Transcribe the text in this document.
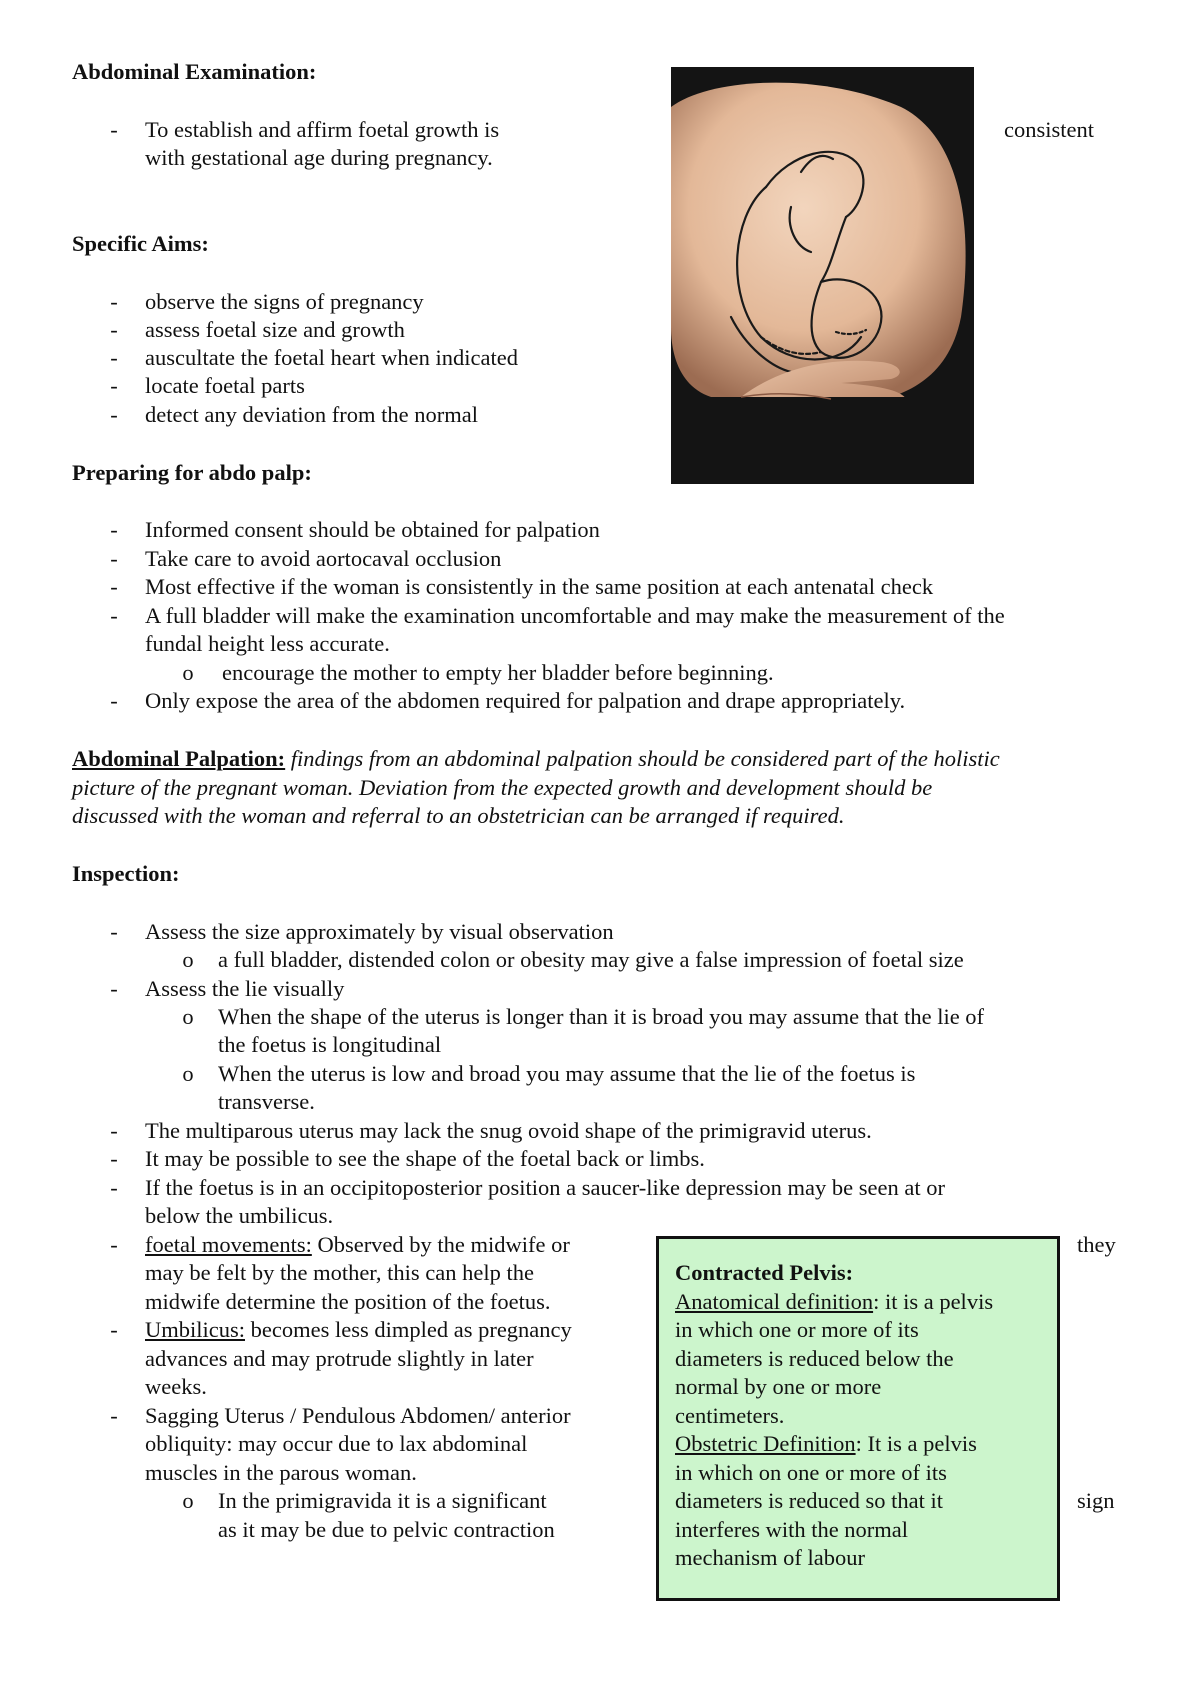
Abdominal Examination:

- To establish and affirm foetal growth is	consistent

with gestational age during pregnancy.

Specific Aims:

- observe the signs of pregnancy

- assess foetal size and growth

- auscultate the foetal heart when indicated

- locate foetal parts

- detect any deviation from the normal

Preparing for abdo palp:

- Informed consent should be obtained for palpation

- Take care to avoid aortocaval occlusion

- Most effective if the woman is consistently in the same position at each antenatal check

- A full bladder will make the examination uncomfortable and may make the measurement of the

fundal height less accurate.

o encourage the mother to empty her bladder before beginning.

- Only expose the area of the abdomen required for palpation and drape appropriately.

Abdominal Palpation: findings from an abdominal palpation should be considered part of the holistic

picture of the pregnant woman. Deviation from the expected growth and development should be

discussed with the woman and referral to an obstetrician can be arranged if required.

Inspection:

- Assess the size approximately by visual observation

o a full bladder, distended colon or obesity may give a false impression of foetal size

- Assess the lie visually

o When the shape of the uterus is longer than it is broad you may assume that the lie of

the foetus is longitudinal

o When the uterus is low and broad you may assume that the lie of the foetus is

transverse.

- The multiparous uterus may lack the snug ovoid shape of the primigravid uterus.

- It may be possible to see the shape of the foetal back or limbs.

- If the foetus is in an occipitoposterior position a saucer-like depression may be seen at or

below the umbilicus.

- foetal movements: Observed by the midwife or	they

may be felt by the mother, this can help the

midwife determine the position of the foetus.

- Umbilicus: becomes less dimpled as pregnancy

advances and may protrude slightly in later

weeks.

- Sagging Uterus / Pendulous Abdomen/ anterior

obliquity: may occur due to lax abdominal

muscles in the parous woman.

o In the primigravida it is a significant	sign

as it may be due to pelvic contraction

Contracted Pelvis:

Anatomical definition: it is a pelvis

in which one or more of its

diameters is reduced below the

normal by one or more

centimeters.

Obstetric Definition: It is a pelvis

in which on one or more of its

diameters is reduced so that it

interferes with the normal

mechanism of labour
